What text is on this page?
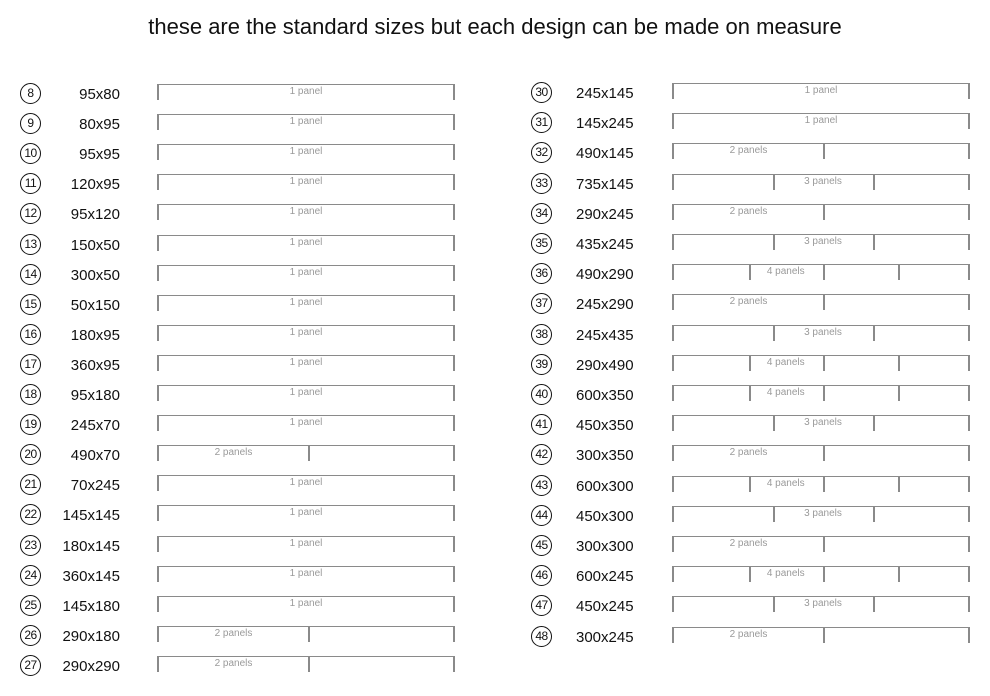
these are the standard sizes but each design can be made on measure
8	95x80	1 panel
9	80x95	1 panel
10	95x95	1 panel
11	120x95	1 panel
12	95x120	1 panel
13	150x50	1 panel
14	300x50	1 panel
15	50x150	1 panel
16	180x95	1 panel
17	360x95	1 panel
18	95x180	1 panel
19	245x70	1 panel
20	490x70	2 panels
21	70x245	1 panel
22	145x145	1 panel
23	180x145	1 panel
24	360x145	1 panel
25	145x180	1 panel
26	290x180	2 panels
27	290x290	2 panels
30 245x145	1 panel
31 145x245	1 panel
32 490x145	2 panels
33 735x145	3 panels
34 290x245	2 panels
35 435x245	3 panels
36 490x290	4 panels
37 245x290	2 panels
38 245x435	3 panels
39 290x490	4 panels
40 600x350	4 panels
41 450x350	3 panels
42 300x350	2 panels
43 600x300	4 panels
44 450x300	3 panels
45 300x300	2 panels
46 600x245	4 panels
47 450x245	3 panels
48 300x245	2 panels
